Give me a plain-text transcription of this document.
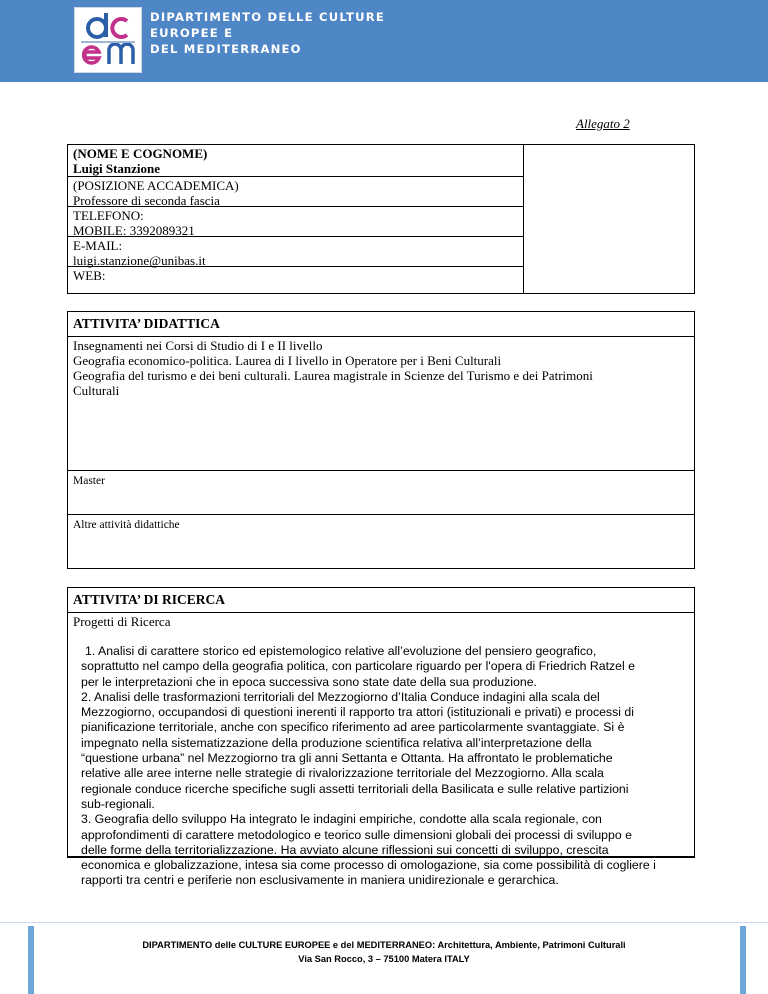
DIPARTIMENTO DELLE CULTURE
EUROPEE E
DEL MEDITERRANEO
Allegato 2
(NOME E COGNOME)
Luigi Stanzione
(POSIZIONE ACCADEMICA)
Professore di seconda fascia
TELEFONO:
MOBILE: 3392089321
E-MAIL:
luigi.stanzione@unibas.it
WEB:
ATTIVITA’ DIDATTICA
Insegnamenti nei Corsi di Studio di I e II livello
Geografia economico-politica. Laurea di I livello in Operatore per i Beni Culturali
Geografia del turismo e dei beni culturali. Laurea magistrale in Scienze del Turismo e dei Patrimoni
Culturali
Master
Altre attività didattiche
ATTIVITA’ DI RICERCA
Progetti di Ricerca

1. Analisi di carattere storico ed epistemologico relative all’evoluzione del pensiero geografico,

soprattutto nel campo della geografia politica, con particolare riguardo per l'opera di Friedrich Ratzel e

per le interpretazioni che in epoca successiva sono state date della sua produzione.

2. Analisi delle trasformazioni territoriali del Mezzogiorno d’Italia Conduce indagini alla scala del

Mezzogiorno, occupandosi di questioni inerenti il rapporto tra attori (istituzionali e privati) e processi di

pianificazione territoriale, anche con specifico riferimento ad aree particolarmente svantaggiate. Si è

impegnato nella sistematizzazione della produzione scientifica relativa all’interpretazione della

“questione urbana” nel Mezzogiorno tra gli anni Settanta e Ottanta. Ha affrontato le problematiche

relative alle aree interne nelle strategie di rivalorizzazione territoriale del Mezzogiorno. Alla scala

regionale conduce ricerche specifiche sugli assetti territoriali della Basilicata e sulle relative partizioni

sub-regionali.

3. Geografia dello sviluppo Ha integrato le indagini empiriche, condotte alla scala regionale, con

approfondimenti di carattere metodologico e teorico sulle dimensioni globali dei processi di sviluppo e

delle forme della territorializzazione. Ha avviato alcune riflessioni sui concetti di sviluppo, crescita

economica e globalizzazione, intesa sia come processo di omologazione, sia come possibilità di cogliere i

rapporti tra centri e periferie non esclusivamente in maniera unidirezionale e gerarchica.

DIPARTIMENTO delle CULTURE EUROPEE e del MEDITERRANEO: Architettura, Ambiente, Patrimoni Culturali
Via San Rocco, 3 – 75100 Matera ITALY
